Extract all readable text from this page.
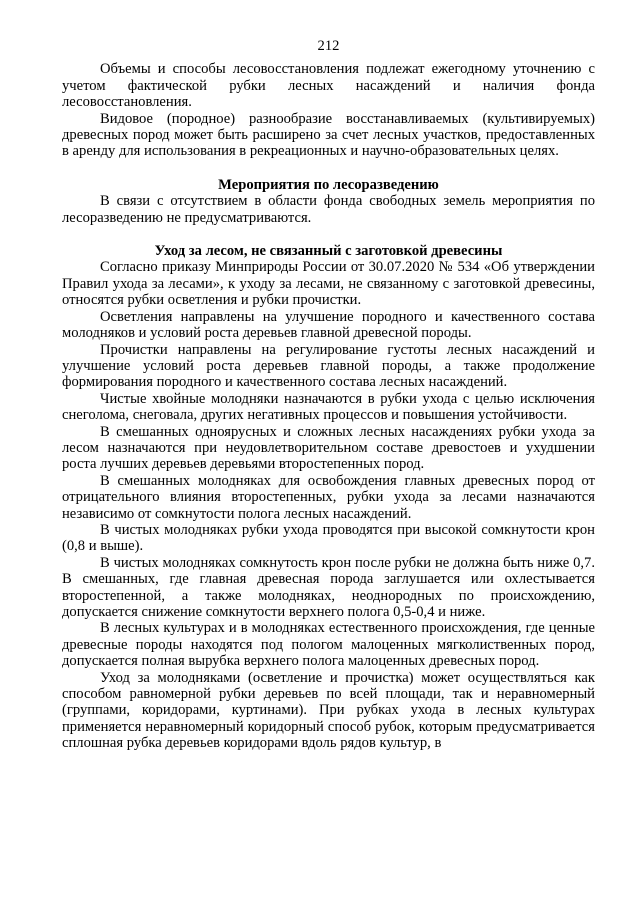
212

Объемы и способы лесовосстановления подлежат ежегодному уточнению с учетом фактической рубки лесных насаждений и наличия фонда лесовосстановления.

Видовое (породное) разнообразие восстанавливаемых (культивируемых) древесных пород может быть расширено за счет лесных участков, предоставленных в аренду для использования в рекреационных и научно-образовательных целях.

Мероприятия по лесоразведению

В связи с отсутствием в области фонда свободных земель мероприятия по лесоразведению не предусматриваются.

Уход за лесом, не связанный с заготовкой древесины

Согласно приказу Минприроды России от 30.07.2020 № 534 «Об утверждении Правил ухода за лесами», к уходу за лесами, не связанному с заготовкой древесины, относятся рубки осветления и рубки прочистки.

Осветления направлены на улучшение породного и качественного состава молодняков и условий роста деревьев главной древесной породы.

Прочистки направлены на регулирование густоты лесных насаждений и улучшение условий роста деревьев главной породы, а также продолжение формирования породного и качественного состава лесных насаждений.

Чистые хвойные молодняки назначаются в рубки ухода с целью исключения снеголома, снеговала, других негативных процессов и повышения устойчивости.

В смешанных одноярусных и сложных лесных насаждениях рубки ухода за лесом назначаются при неудовлетворительном составе древостоев и ухудшении роста лучших деревьев деревьями второстепенных пород.

В смешанных молодняках для освобождения главных древесных пород от отрицательного влияния второстепенных, рубки ухода за лесами назначаются независимо от сомкнутости полога лесных насаждений.

В чистых молодняках рубки ухода проводятся при высокой сомкнутости крон (0,8 и выше).

В чистых молодняках сомкнутость крон после рубки не должна быть ниже 0,7. В смешанных, где главная древесная порода заглушается или охлестывается второстепенной, а также молодняках, неоднородных по происхождению, допускается снижение сомкнутости верхнего полога 0,5-0,4 и ниже.

В лесных культурах и в молодняках естественного происхождения, где ценные древесные породы находятся под пологом малоценных мягколиственных пород, допускается полная вырубка верхнего полога малоценных древесных пород.

Уход за молодняками (осветление и прочистка) может осуществляться как способом равномерной рубки деревьев по всей площади, так и неравномерный (группами, коридорами, куртинами). При рубках ухода в лесных культурах применяется неравномерный коридорный способ рубок, которым предусматривается сплошная рубка деревьев коридорами вдоль рядов культур, в
